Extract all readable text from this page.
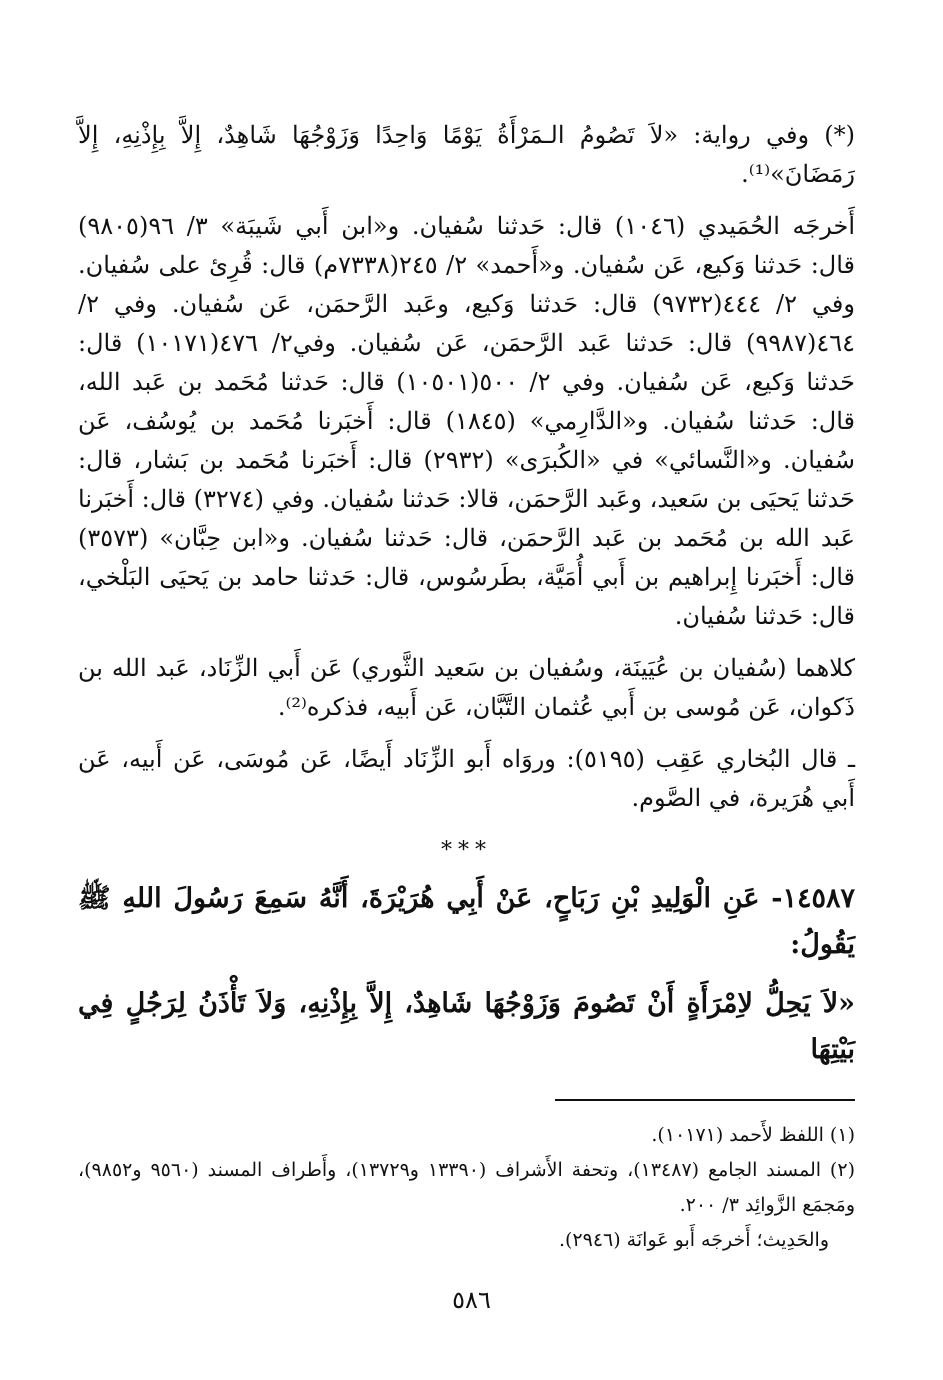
(*) وفي رواية: «لاَ تَصُومُ الـمَرْأَةُ يَوْمًا وَاحِدًا وَزَوْجُهَا شَاهِدٌ، إِلاَّ بِإِذْنِهِ، إِلاَّ رَمَضَانَ»⁽¹⁾.

أَخرجَه الحُمَيدي (١٠٤٦) قال: حَدثنا سُفيان. و«ابن أَبي شَيبَة» ٣/ ٩٦(٩٨٠٥) قال: حَدثنا وَكيع، عَن سُفيان. و«أَحمد» ٢/ ٢٤٥(٧٣٣٨م) قال: قُرِئ على سُفيان. وفي ٢/ ٤٤٤(٩٧٣٢) قال: حَدثنا وَكيع، وعَبد الرَّحمَن، عَن سُفيان. وفي ٢/ ٤٦٤(٩٩٨٧) قال: حَدثنا عَبد الرَّحمَن، عَن سُفيان. وفي٢/ ٤٧٦(١٠١٧١) قال: حَدثنا وَكيع، عَن سُفيان. وفي ٢/ ٥٠٠(١٠٥٠١) قال: حَدثنا مُحَمد بن عَبد الله، قال: حَدثنا سُفيان. و«الدَّارِمي» (١٨٤٥) قال: أَخبَرنا مُحَمد بن يُوسُف، عَن سُفيان. و«النَّسائي» في «الكُبرَى» (٢٩٣٢) قال: أَخبَرنا مُحَمد بن بَشار، قال: حَدثنا يَحيَى بن سَعيد، وعَبد الرَّحمَن، قالا: حَدثنا سُفيان. وفي (٣٢٧٤) قال: أَخبَرنا عَبد الله بن مُحَمد بن عَبد الرَّحمَن، قال: حَدثنا سُفيان. و«ابن حِبَّان» (٣٥٧٣) قال: أَخبَرنا إِبراهيم بن أَبي أُمَيَّة، بطَرسُوس، قال: حَدثنا حامد بن يَحيَى البَلْخي، قال: حَدثنا سُفيان.

كلاهما (سُفيان بن عُيَينَة، وسُفيان بن سَعيد الثَّوري) عَن أَبي الزِّنَاد، عَبد الله بن ذَكوان، عَن مُوسى بن أَبي عُثمان التَّبَّان، عَن أَبيه، فذكره⁽²⁾.

ـ قال البُخاري عَقِب (٥١٩٥): وروَاه أَبو الزِّنَاد أَيضًا، عَن مُوسَى، عَن أَبيه، عَن أَبي هُرَيرة، في الصَّوم.

***

١٤٥٨٧- عَنِ الْوَلِيدِ بْنِ رَبَاحٍ، عَنْ أَبِي هُرَيْرَةَ، أَنَّهُ سَمِعَ رَسُولَ اللهِ ﷺ يَقُولُ:

«لاَ يَحِلُّ لاِمْرَأَةٍ أَنْ تَصُومَ وَزَوْجُهَا شَاهِدٌ، إِلاَّ بِإِذْنِهِ، وَلاَ تَأْذَنُ لِرَجُلٍ فِي بَيْتِهَا

(١) اللفظ لأَحمد (١٠١٧١).

(٢) المسند الجامع (١٣٤٨٧)، وتحفة الأَشراف (١٣٣٩٠ و١٣٧٢٩)، وأَطراف المسند (٩٥٦٠ و٩٨٥٢)، ومَجمَع الزَّوائِد ٣/ ٢٠٠.

والحَدِيث؛ أَخرجَه أَبو عَوانَة (٢٩٤٦).

٥٨٦
